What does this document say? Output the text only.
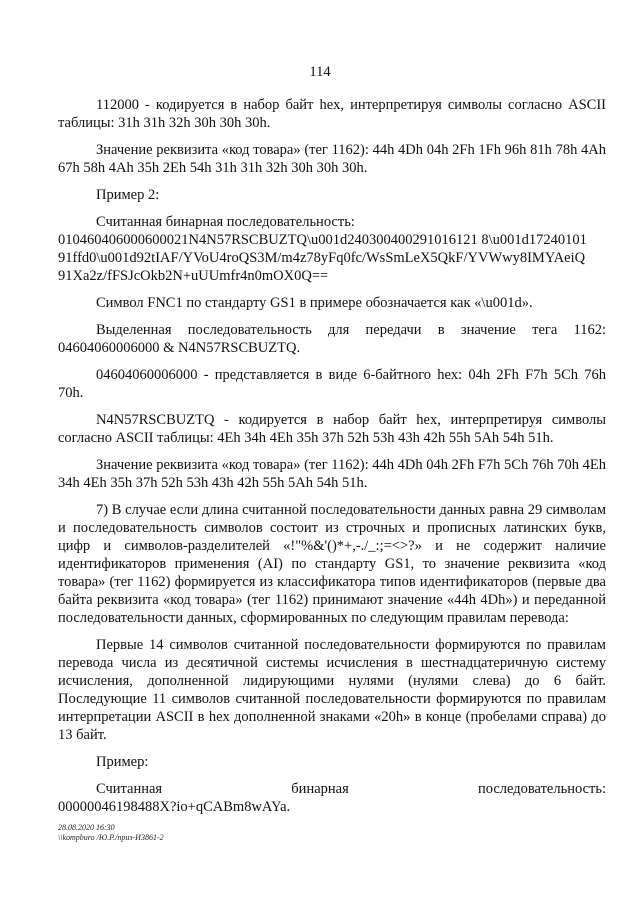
114

112000 - кодируется в набор байт hex, интерпретируя символы согласно ASCII таблицы: 31h 31h 32h 30h 30h 30h.

Значение реквизита «код товара» (тег 1162): 44h 4Dh 04h 2Fh 1Fh 96h 81h 78h 4Ah 67h 58h 4Ah 35h 2Eh 54h 31h 31h 32h 30h 30h 30h.

Пример 2:

Считанная бинарная последовательность:

010460406000600021N4N57RSCBUZTQ\u001d240300400291016121 8\u001d17240101
91ffd0\u001d92tIAF/YVoU4roQS3M/m4z78yFq0fc/WsSmLeX5QkF/YVWwy8IMYAeiQ
91Xa2z/fFSJcOkb2N+uUUmfr4n0mOX0Q==

Символ FNC1 по стандарту GS1 в примере обозначается как «\u001d».

Выделенная последовательность для передачи в значение тега 1162: 04604060006000 & N4N57RSCBUZTQ.

04604060006000 - представляется в виде 6-байтного hex: 04h 2Fh F7h 5Ch 76h 70h.

N4N57RSCBUZTQ - кодируется в набор байт hex, интерпретируя символы согласно ASCII таблицы: 4Eh 34h 4Eh 35h 37h 52h 53h 43h 42h 55h 5Ah 54h 51h.

Значение реквизита «код товара» (тег 1162): 44h 4Dh 04h 2Fh F7h 5Ch 76h 70h 4Eh 34h 4Eh 35h 37h 52h 53h 43h 42h 55h 5Ah 54h 51h.

7) В случае если длина считанной последовательности данных равна 29 символам и последовательность символов состоит из строчных и прописных латинских букв, цифр и символов-разделителей «!"%&'()*+,-./_:;=<>?» и не содержит наличие идентификаторов применения (AI) по стандарту GS1, то значение реквизита «код товара» (тег 1162) формируется из классификатора типов идентификаторов (первые два байта реквизита «код товара» (тег 1162) принимают значение «44h 4Dh») и переданной последовательности данных, сформированных по следующим правилам перевода:

Первые 14 символов считанной последовательности формируются по правилам перевода числа из десятичной системы исчисления в шестнадцатеричную систему исчисления, дополненной лидирующими нулями (нулями слева) до 6 байт. Последующие 11 символов считанной последовательности формируются по правилам интерпретации ASCII в hex дополненной знаками «20h» в конце (пробелами справа) до 13 байт.

Пример:

Считанная бинарная последовательность:

00000046198488X?io+qCABm8wAYa.
28.08.2020 16:30
\\kompburo /Ю.Р./приз-И3861-2
